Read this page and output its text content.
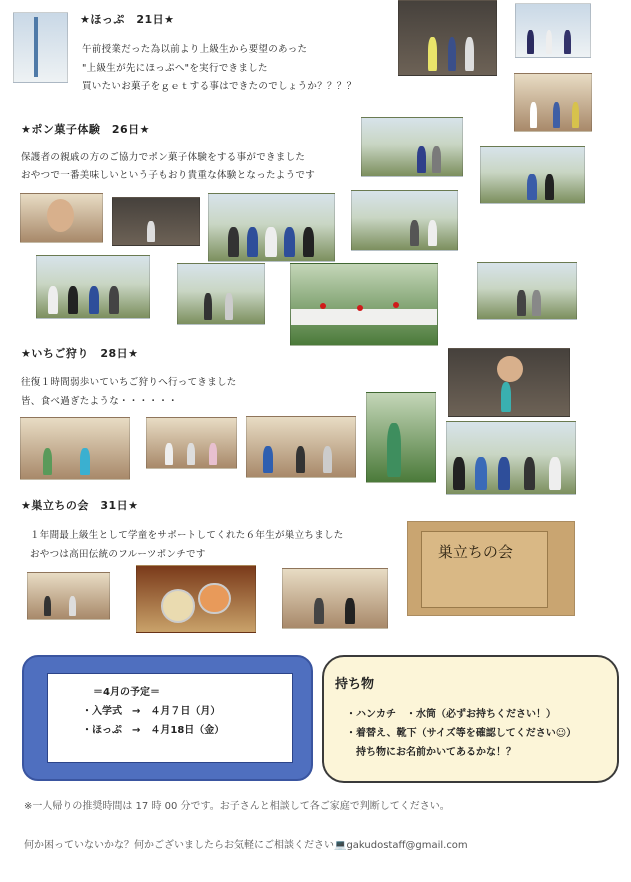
★ほっぷ　21日★
午前授業だった為以前より上級生から要望のあった
"上級生が先にほっぷへ"を実行できました
買いたいお菓子をｇｅｔする事はできたのでしょうか？？？？
★ポン菓子体験　26日★
保護者の親戚の方のご協力でポン菓子体験をする事ができました
おやつで一番美味しいという子もおり貴重な体験となったようです
★いちご狩り　28日★
往復１時間弱歩いていちご狩りへ行ってきました
皆、食べ過ぎたような・・・・・・
★巣立ちの会　31日★
１年間最上級生として学童をサポートしてくれた６年生が巣立ちました
おやつは高田伝統のフルーツポンチです	巣立ちの会
＝4月の予定＝
・入学式　→　４月７日（月）
・ほっぷ　→　４月18日（金）
持ち物
・ハンカチ　・水筒（必ずお持ちください！）
・着替え、靴下（サイズ等を確認してください☺）
　持ち物にお名前かいてあるかな！？
※一人帰りの推奨時間は 17 時 00 分です。お子さんと相談して各ご家庭で判断してください。
何か困っていないかな？何かございましたらお気軽にご相談ください💻gakudostaff@gmail.com
